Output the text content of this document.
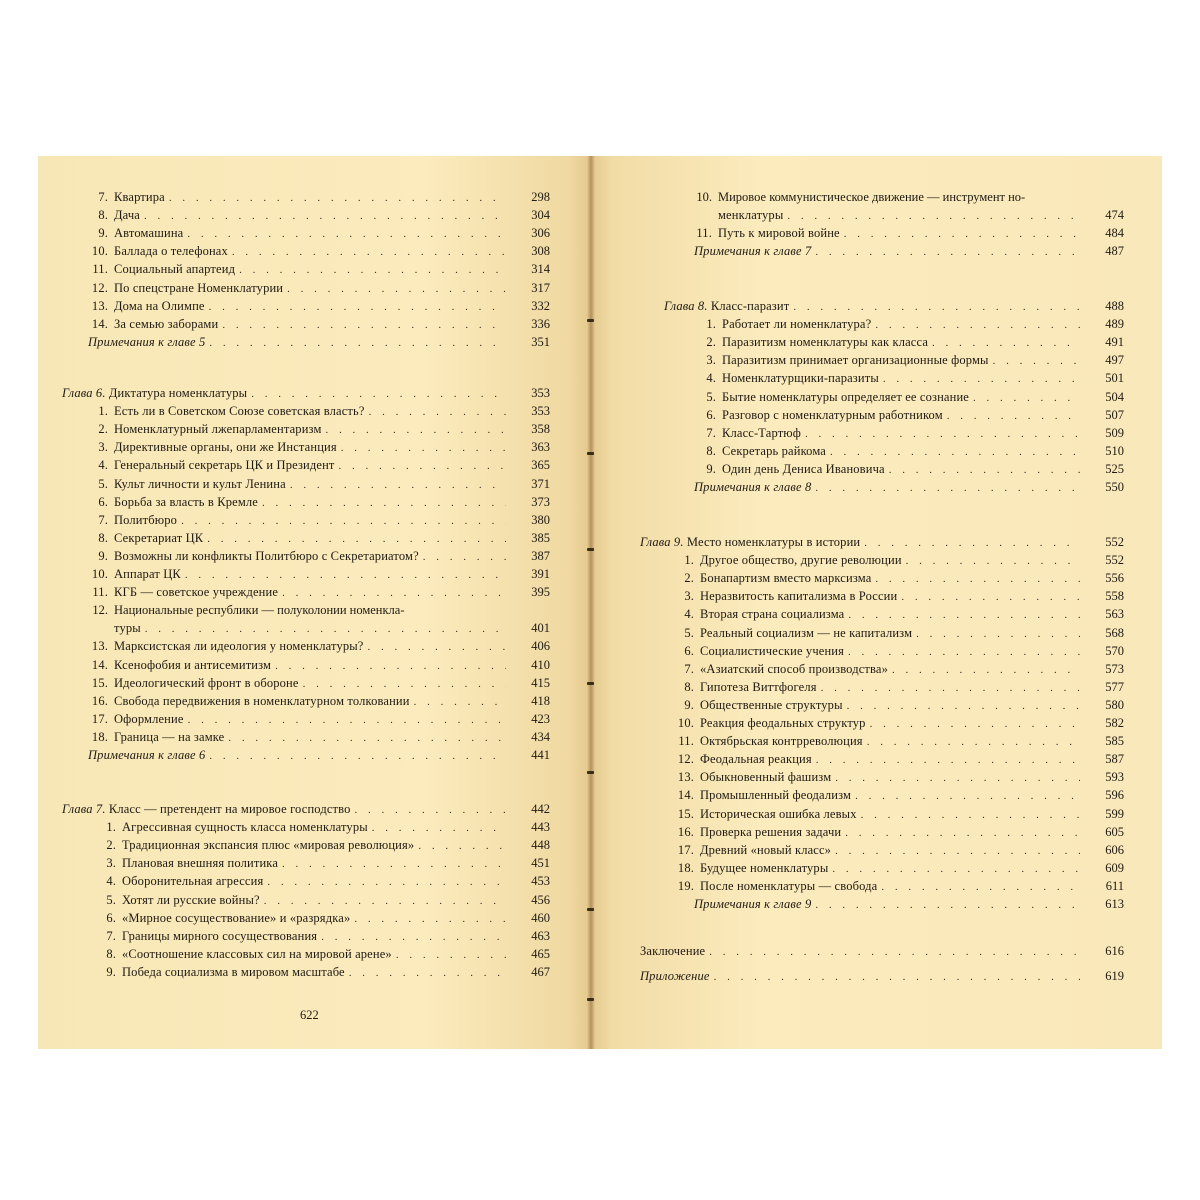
7. Квартира . . .	298
8. Дача . . .	304
9. Автомашина . . .	306
10. Баллада о телефонах . . .	308
11. Социальный апартеид . . .	314
12. По спецстране Номенклатурии . . .	317
13. Дома на Олимпе . . .	332
14. За семью заборами . . .	336
Примечания к главе 5 . . .	351
Глава 6. Диктатура номенклатуры . . .	353
1. Есть ли в Советском Союзе советская власть? . . .	353
2. Номенклатурный лжепарламентаризм . . .	358
3. Директивные органы, они же Инстанция . . .	363
4. Генеральный секретарь ЦК и Президент . . .	365
5. Культ личности и культ Ленина . . .	371
6. Борьба за власть в Кремле . . .	373
7. Политбюро . . .	380
8. Секретариат ЦК . . .	385
9. Возможны ли конфликты Политбюро с Секретариатом? . . .	387
10. Аппарат ЦК . . .	391
11. КГБ — советское учреждение . . .	395
12. Национальные республики — полуколонии номенкла-
туры . . .	401
13. Марксистская ли идеология у номенклатуры? . . .	406
14. Ксенофобия и антисемитизм . . .	410
15. Идеологический фронт в обороне . . .	415
16. Свобода передвижения в номенклатурном толковании . . .	418
17. Оформление . . .	423
18. Граница — на замке . . .	434
Примечания к главе 6 . . .	441
Глава 7. Класс — претендент на мировое господство . . .	442
1. Агрессивная сущность класса номенклатуры . . .	443
2. Традиционная экспансия плюс «мировая революция» . . .	448
3. Плановая внешняя политика . . .	451
4. Оборонительная агрессия . . .	453
5. Хотят ли русские войны? . . .	456
6. «Мирное сосуществование» и «разрядка» . . .	460
7. Границы мирного сосуществования . . .	463
8. «Соотношение классовых сил на мировой арене» . . .	465
9. Победа социализма в мировом масштабе . . .	467
622
10. Мировое коммунистическое движение — инструмент но-
менклатуры . . .	474
11. Путь к мировой войне . . .	484
Примечания к главе 7 . . .	487
Глава 8. Класс-паразит . . .	488
1. Работает ли номенклатура? . . .	489
2. Паразитизм номенклатуры как класса . . .	491
3. Паразитизм принимает организационные формы . . .	497
4. Номенклатурщики-паразиты . . .	501
5. Бытие номенклатуры определяет ее сознание . . .	504
6. Разговор с номенклатурным работником . . .	507
7. Класс-Тартюф . . .	509
8. Секретарь райкома . . .	510
9. Один день Дениса Ивановича . . .	525
Примечания к главе 8 . . .	550
Глава 9. Место номенклатуры в истории . . .	552
1. Другое общество, другие революции . . .	552
2. Бонапартизм вместо марксизма . . .	556
3. Неразвитость капитализма в России . . .	558
4. Вторая страна социализма . . .	563
5. Реальный социализм — не капитализм . . .	568
6. Социалистические учения . . .	570
7. «Азиатский способ производства» . . .	573
8. Гипотеза Виттфогеля . . .	577
9. Общественные структуры . . .	580
10. Реакция феодальных структур . . .	582
11. Октябрьская контрреволюция . . .	585
12. Феодальная реакция . . .	587
13. Обыкновенный фашизм . . .	593
14. Промышленный феодализм . . .	596
15. Историческая ошибка левых . . .	599
16. Проверка решения задачи . . .	605
17. Древний «новый класс» . . .	606
18. Будущее номенклатуры . . .	609
19. После номенклатуры — свобода . . .	611
Примечания к главе 9 . . .	613
Заключение . . .	616
Приложение . . .	619
